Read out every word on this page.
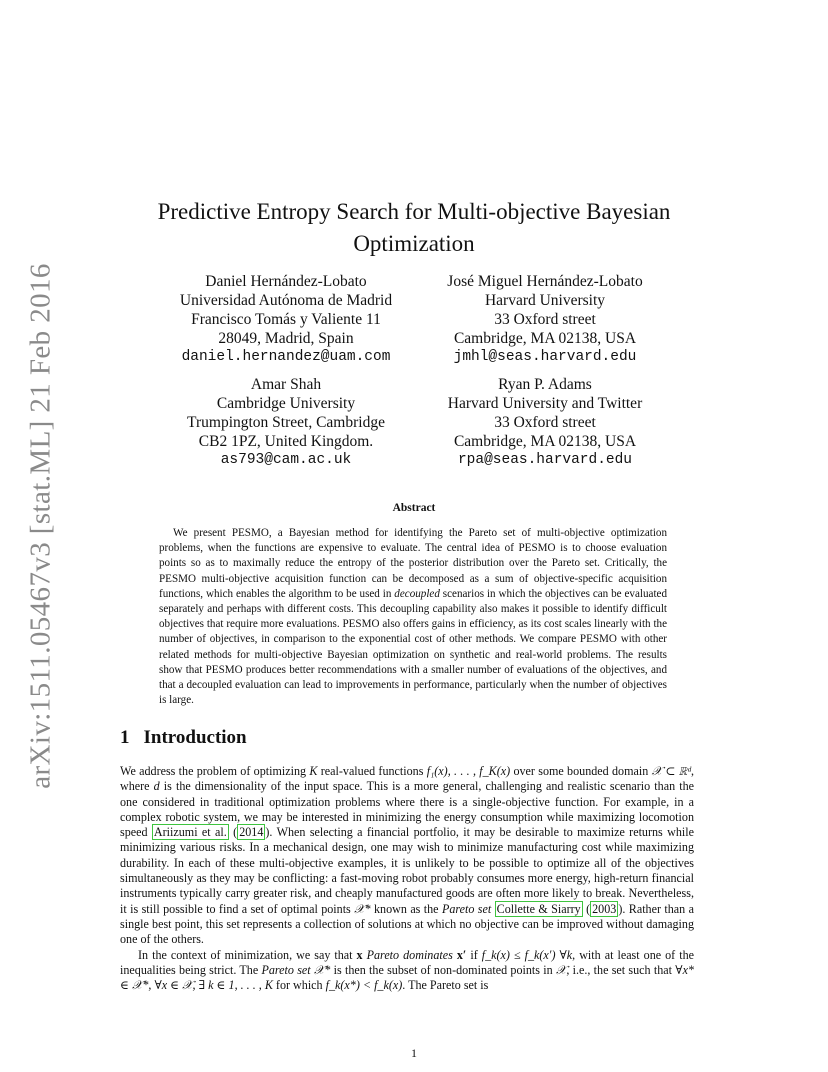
arXiv:1511.05467v3 [stat.ML] 21 Feb 2016
Predictive Entropy Search for Multi-objective Bayesian
Optimization
Daniel Hernández-Lobato
Universidad Autónoma de Madrid
Francisco Tomás y Valiente 11
28049, Madrid, Spain
daniel.hernandez@uam.com
José Miguel Hernández-Lobato
Harvard University
33 Oxford street
Cambridge, MA 02138, USA
jmhl@seas.harvard.edu
Amar Shah
Cambridge University
Trumpington Street, Cambridge
CB2 1PZ, United Kingdom.
as793@cam.ac.uk
Ryan P. Adams
Harvard University and Twitter
33 Oxford street
Cambridge, MA 02138, USA
rpa@seas.harvard.edu
Abstract

We present PESMO, a Bayesian method for identifying the Pareto set of multi-objective optimization problems, when the functions are expensive to evaluate. The central idea of PESMO is to choose evaluation points so as to maximally reduce the entropy of the posterior distribution over the Pareto set. Critically, the PESMO multi-objective acquisition function can be decomposed as a sum of objective-specific acquisition functions, which enables the algorithm to be used in decoupled scenarios in which the objectives can be evaluated separately and perhaps with different costs. This decoupling capability also makes it possible to identify difficult objectives that require more evaluations. PESMO also offers gains in efficiency, as its cost scales linearly with the number of objectives, in comparison to the exponential cost of other methods. We compare PESMO with other related methods for multi-objective Bayesian optimization on synthetic and real-world problems. The results show that PESMO produces better recommendations with a smaller number of evaluations of the objectives, and that a decoupled evaluation can lead to improvements in performance, particularly when the number of objectives is large.

1 Introduction

We address the problem of optimizing K real-valued functions f₁(x), . . . , f_K(x) over some bounded domain 𝒳 ⊂ ℝᵈ, where d is the dimensionality of the input space. This is a more general, challenging and realistic scenario than the one considered in traditional optimization problems where there is a single-objective function. For example, in a complex robotic system, we may be interested in minimizing the energy consumption while maximizing locomotion speed Ariizumi et al. ( 2014 ). When selecting a financial portfolio, it may be desirable to maximize returns while minimizing various risks. In a mechanical design, one may wish to minimize manufacturing cost while maximizing durability. In each of these multi-objective examples, it is unlikely to be possible to optimize all of the objectives simultaneously as they may be conflicting: a fast-moving robot probably consumes more energy, high-return financial instruments typically carry greater risk, and cheaply manufactured goods are often more likely to break. Nevertheless, it is still possible to find a set of optimal points 𝒳* known as the Pareto set Collette & Siarry ( 2003 ). Rather than a single best point, this set represents a collection of solutions at which no objective can be improved without damaging one of the others.

In the context of minimization, we say that x Pareto dominates x′ if f_k(x) ≤ f_k(x′) ∀k, with at least one of the inequalities being strict. The Pareto set 𝒳* is then the subset of non-dominated points in 𝒳, i.e., the set such that ∀x* ∈ 𝒳*, ∀x ∈ 𝒳, ∃ k ∈ 1, . . . , K for which f_k(x*) < f_k(x). The Pareto set is

1
